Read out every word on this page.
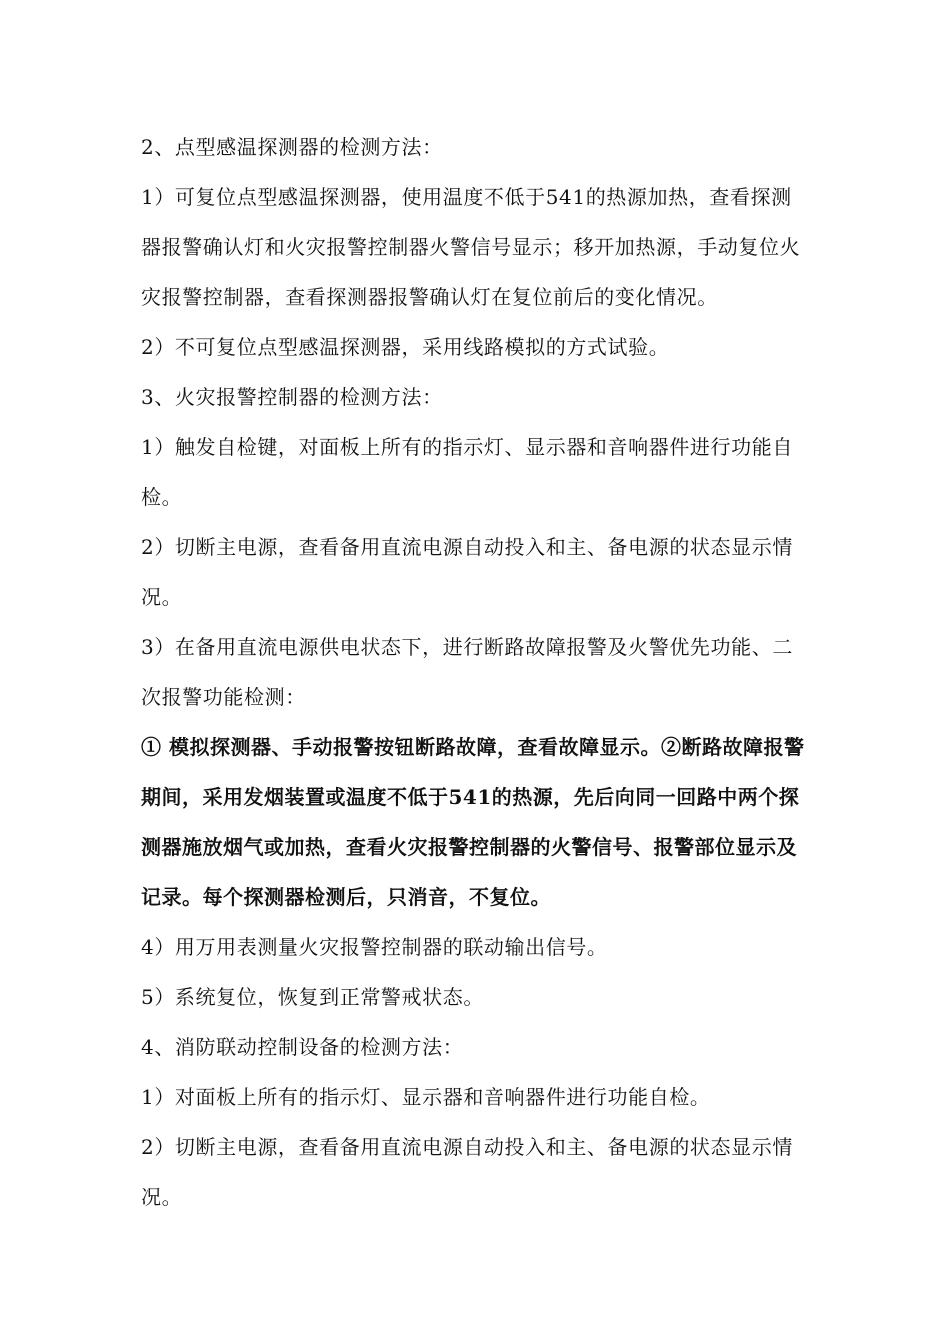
2、点型感温探测器的检测方法：

1）可复位点型感温探测器，使用温度不低于541的热源加热，查看探测器报警确认灯和火灾报警控制器火警信号显示；移开加热源，手动复位火灾报警控制器，查看探测器报警确认灯在复位前后的变化情况。

2）不可复位点型感温探测器，采用线路模拟的方式试验。

3、火灾报警控制器的检测方法：

1）触发自检键，对面板上所有的指示灯、显示器和音响器件进行功能自检。

2）切断主电源，查看备用直流电源自动投入和主、备电源的状态显示情况。

3）在备用直流电源供电状态下，进行断路故障报警及火警优先功能、二次报警功能检测：

① 模拟探测器、手动报警按钮断路故障，查看故障显示。②断路故障报警期间，采用发烟装置或温度不低于541的热源，先后向同一回路中两个探测器施放烟气或加热，查看火灾报警控制器的火警信号、报警部位显示及记录。每个探测器检测后，只消音，不复位。

4）用万用表测量火灾报警控制器的联动输出信号。

5）系统复位，恢复到正常警戒状态。

4、消防联动控制设备的检测方法：

1）对面板上所有的指示灯、显示器和音响器件进行功能自检。

2）切断主电源，查看备用直流电源自动投入和主、备电源的状态显示情况。
